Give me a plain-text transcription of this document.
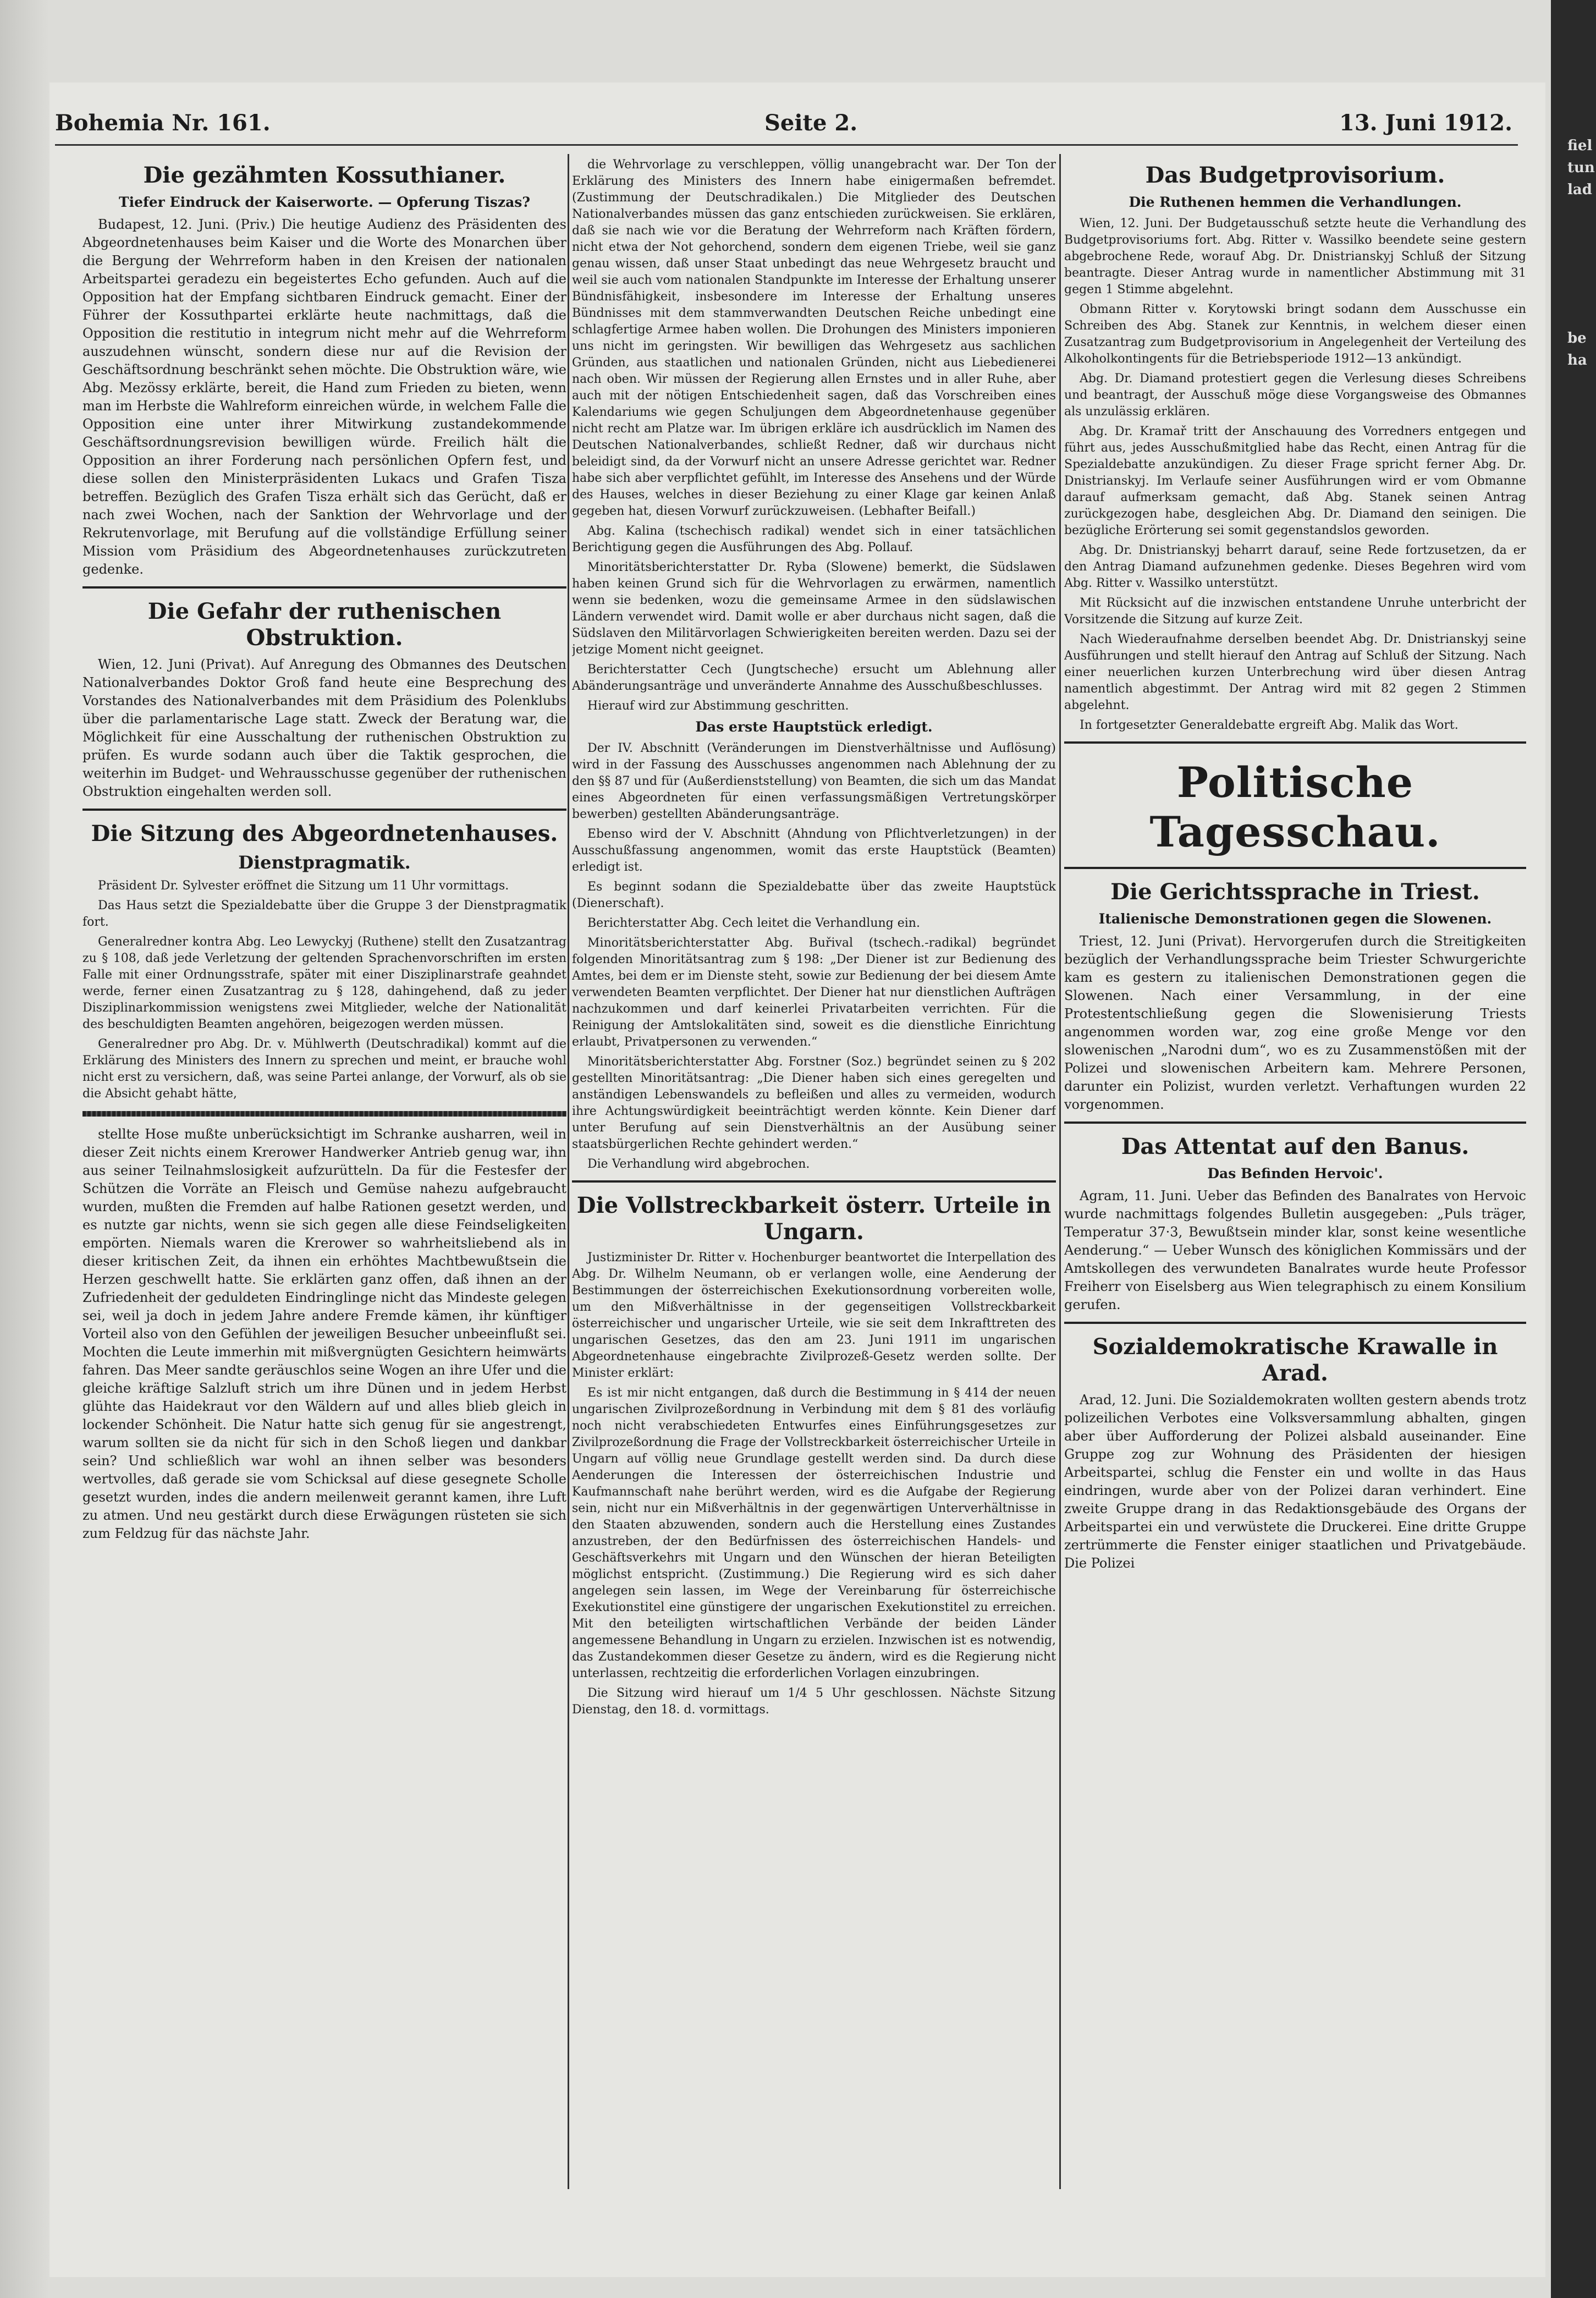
Bohemia Nr. 161.	Seite 2.	13. Juni 1912.
Die gezähmten Kossuthianer.
Tiefer Eindruck der Kaiserworte. — Opferung Tiszas?

Budapest, 12. Juni. (Priv.) Die heutige Audienz des Präsidenten des Abgeordnetenhauses beim Kaiser und die Worte des Monarchen über die Bergung der Wehrreform haben in den Kreisen der nationalen Arbeitspartei geradezu ein begeistertes Echo gefunden. Auch auf die Opposition hat der Empfang sichtbaren Eindruck gemacht. Einer der Führer der Kossuthpartei erklärte heute nachmittags, daß die Opposition die restitutio in integrum nicht mehr auf die Wehrreform auszudehnen wünscht, sondern diese nur auf die Revision der Geschäftsordnung beschränkt sehen möchte. Die Obstruktion wäre, wie Abg. Mezössy erklärte, bereit, die Hand zum Frieden zu bieten, wenn man im Herbste die Wahlreform einreichen würde, in welchem Falle die Opposition eine unter ihrer Mitwirkung zustandekommende Geschäftsordnungsrevision bewilligen würde. Freilich hält die Opposition an ihrer Forderung nach persönlichen Opfern fest, und diese sollen den Ministerpräsidenten Lukacs und Grafen Tisza betreffen. Bezüglich des Grafen Tisza erhält sich das Gerücht, daß er nach zwei Wochen, nach der Sanktion der Wehrvorlage und der Rekrutenvorlage, mit Berufung auf die vollständige Erfüllung seiner Mission vom Präsidium des Abgeordnetenhauses zurückzutreten gedenke.

Die Gefahr der ruthenischen Obstruktion.

Wien, 12. Juni (Privat). Auf Anregung des Obmannes des Deutschen Nationalverbandes Doktor Groß fand heute eine Besprechung des Vorstandes des Nationalverbandes mit dem Präsidium des Polenklubs über die parlamentarische Lage statt. Zweck der Beratung war, die Möglichkeit für eine Ausschaltung der ruthenischen Obstruktion zu prüfen. Es wurde sodann auch über die Taktik gesprochen, die weiterhin im Budget- und Wehrausschusse gegenüber der ruthenischen Obstruktion eingehalten werden soll.

Die Sitzung des Abgeordnetenhauses.
Dienstpragmatik.

Präsident Dr. Sylvester eröffnet die Sitzung um 11 Uhr vormittags.

Das Haus setzt die Spezialdebatte über die Gruppe 3 der Dienstpragmatik fort.

Generalredner kontra Abg. Leo Lewyckyj (Ruthene) stellt den Zusatzantrag zu § 108, daß jede Verletzung der geltenden Sprachenvorschriften im ersten Falle mit einer Ordnungsstrafe, später mit einer Disziplinarstrafe geahndet werde, ferner einen Zusatzantrag zu § 128, dahingehend, daß zu jeder Disziplinarkommission wenigstens zwei Mitglieder, welche der Nationalität des beschuldigten Beamten angehören, beigezogen werden müssen.

Generalredner pro Abg. Dr. v. Mühlwerth (Deutschradikal) kommt auf die Erklärung des Ministers des Innern zu sprechen und meint, er brauche wohl nicht erst zu versichern, daß, was seine Partei anlange, der Vorwurf, als ob sie die Absicht gehabt hätte,

stellte Hose mußte unberücksichtigt im Schranke ausharren, weil in dieser Zeit nichts einem Krerower Handwerker Antrieb genug war, ihn aus seiner Teilnahmslosigkeit aufzurütteln. Da für die Festesfer der Schützen die Vorräte an Fleisch und Gemüse nahezu aufgebraucht wurden, mußten die Fremden auf halbe Rationen gesetzt werden, und es nutzte gar nichts, wenn sie sich gegen alle diese Feindseligkeiten empörten. Niemals waren die Krerower so wahrheitsliebend als in dieser kritischen Zeit, da ihnen ein erhöhtes Machtbewußtsein die Herzen geschwellt hatte. Sie erklärten ganz offen, daß ihnen an der Zufriedenheit der geduldeten Eindringlinge nicht das Mindeste gelegen sei, weil ja doch in jedem Jahre andere Fremde kämen, ihr künftiger Vorteil also von den Gefühlen der jeweiligen Besucher unbeeinflußt sei. Mochten die Leute immerhin mit mißvergnügten Gesichtern heimwärts fahren. Das Meer sandte geräuschlos seine Wogen an ihre Ufer und die gleiche kräftige Salzluft strich um ihre Dünen und in jedem Herbst glühte das Haidekraut vor den Wäldern auf und alles blieb gleich in lockender Schönheit. Die Natur hatte sich genug für sie angestrengt, warum sollten sie da nicht für sich in den Schoß liegen und dankbar sein? Und schließlich war wohl an ihnen selber was besonders wertvolles, daß gerade sie vom Schicksal auf diese gesegnete Scholle gesetzt wurden, indes die andern meilenweit gerannt kamen, ihre Luft zu atmen. Und neu gestärkt durch diese Erwägungen rüsteten sie sich zum Feldzug für das nächste Jahr.

die Wehrvorlage zu verschleppen, völlig unangebracht war. Der Ton der Erklärung des Ministers des Innern habe einigermaßen befremdet. (Zustimmung der Deutschradikalen.) Die Mitglieder des Deutschen Nationalverbandes müssen das ganz entschieden zurückweisen. Sie erklären, daß sie nach wie vor die Beratung der Wehrreform nach Kräften fördern, nicht etwa der Not gehorchend, sondern dem eigenen Triebe, weil sie ganz genau wissen, daß unser Staat unbedingt das neue Wehrgesetz braucht und weil sie auch vom nationalen Standpunkte im Interesse der Erhaltung unserer Bündnisfähigkeit, insbesondere im Interesse der Erhaltung unseres Bündnisses mit dem stammverwandten Deutschen Reiche unbedingt eine schlagfertige Armee haben wollen. Die Drohungen des Ministers imponieren uns nicht im geringsten. Wir bewilligen das Wehrgesetz aus sachlichen Gründen, aus staatlichen und nationalen Gründen, nicht aus Liebedienerei nach oben. Wir müssen der Regierung allen Ernstes und in aller Ruhe, aber auch mit der nötigen Entschiedenheit sagen, daß das Vorschreiben eines Kalendariums wie gegen Schuljungen dem Abgeordnetenhause gegenüber nicht recht am Platze war. Im übrigen erkläre ich ausdrücklich im Namen des Deutschen Nationalverbandes, schließt Redner, daß wir durchaus nicht beleidigt sind, da der Vorwurf nicht an unsere Adresse gerichtet war. Redner habe sich aber verpflichtet gefühlt, im Interesse des Ansehens und der Würde des Hauses, welches in dieser Beziehung zu einer Klage gar keinen Anlaß gegeben hat, diesen Vorwurf zurückzuweisen. (Lebhafter Beifall.)

Abg. Kalina (tschechisch radikal) wendet sich in einer tatsächlichen Berichtigung gegen die Ausführungen des Abg. Pollauf.

Minoritätsberichterstatter Dr. Ryba (Slowene) bemerkt, die Südslawen haben keinen Grund sich für die Wehrvorlagen zu erwärmen, namentlich wenn sie bedenken, wozu die gemeinsame Armee in den südslawischen Ländern verwendet wird. Damit wolle er aber durchaus nicht sagen, daß die Südslaven den Militärvorlagen Schwierigkeiten bereiten werden. Dazu sei der jetzige Moment nicht geeignet.

Berichterstatter Cech (Jungtscheche) ersucht um Ablehnung aller Abänderungsanträge und unveränderte Annahme des Ausschußbeschlusses.

Hierauf wird zur Abstimmung geschritten.

Das erste Hauptstück erledigt.

Der IV. Abschnitt (Veränderungen im Dienstverhältnisse und Auflösung) wird in der Fassung des Ausschusses angenommen nach Ablehnung der zu den §§ 87 und für (Außerdienststellung) von Beamten, die sich um das Mandat eines Abgeordneten für einen verfassungsmäßigen Vertretungskörper bewerben) gestellten Abänderungsanträge.

Ebenso wird der V. Abschnitt (Ahndung von Pflichtverletzungen) in der Ausschußfassung angenommen, womit das erste Hauptstück (Beamten) erledigt ist.

Es beginnt sodann die Spezialdebatte über das zweite Hauptstück (Dienerschaft).

Berichterstatter Abg. Cech leitet die Verhandlung ein.

Minoritätsberichterstatter Abg. Buřival (tschech.-radikal) begründet folgenden Minoritätsantrag zum § 198: „Der Diener ist zur Bedienung des Amtes, bei dem er im Dienste steht, sowie zur Bedienung der bei diesem Amte verwendeten Beamten verpflichtet. Der Diener hat nur dienstlichen Aufträgen nachzukommen und darf keinerlei Privatarbeiten verrichten. Für die Reinigung der Amtslokalitäten sind, soweit es die dienstliche Einrichtung erlaubt, Privatpersonen zu verwenden.“

Minoritätsberichterstatter Abg. Forstner (Soz.) begründet seinen zu § 202 gestellten Minoritätsantrag: „Die Diener haben sich eines geregelten und anständigen Lebenswandels zu befleißen und alles zu vermeiden, wodurch ihre Achtungswürdigkeit beeinträchtigt werden könnte. Kein Diener darf unter Berufung auf sein Dienstverhältnis an der Ausübung seiner staatsbürgerlichen Rechte gehindert werden.“

Die Verhandlung wird abgebrochen.

Die Vollstreckbarkeit österr. Urteile in Ungarn.

Justizminister Dr. Ritter v. Hochenburger beantwortet die Interpellation des Abg. Dr. Wilhelm Neumann, ob er verlangen wolle, eine Aenderung der Bestimmungen der österreichischen Exekutionsordnung vorbereiten wolle, um den Mißverhältnisse in der gegenseitigen Vollstreckbarkeit österreichischer und ungarischer Urteile, wie sie seit dem Inkrafttreten des ungarischen Gesetzes, das den am 23. Juni 1911 im ungarischen Abgeordnetenhause eingebrachte Zivilprozeß-Gesetz werden sollte. Der Minister erklärt:

Es ist mir nicht entgangen, daß durch die Bestimmung in § 414 der neuen ungarischen Zivilprozeßordnung in Verbindung mit dem § 81 des vorläufig noch nicht verabschiedeten Entwurfes eines Einführungsgesetzes zur Zivilprozeßordnung die Frage der Vollstreckbarkeit österreichischer Urteile in Ungarn auf völlig neue Grundlage gestellt werden sind. Da durch diese Aenderungen die Interessen der österreichischen Industrie und Kaufmannschaft nahe berührt werden, wird es die Aufgabe der Regierung sein, nicht nur ein Mißverhältnis in der gegenwärtigen Unterverhältnisse in den Staaten abzuwenden, sondern auch die Herstellung eines Zustandes anzustreben, der den Bedürfnissen des österreichischen Handels- und Geschäftsverkehrs mit Ungarn und den Wünschen der hieran Beteiligten möglichst entspricht. (Zustimmung.) Die Regierung wird es sich daher angelegen sein lassen, im Wege der Vereinbarung für österreichische Exekutionstitel eine günstigere der ungarischen Exekutionstitel zu erreichen. Mit den beteiligten wirtschaftlichen Verbände der beiden Länder angemessene Behandlung in Ungarn zu erzielen. Inzwischen ist es notwendig, das Zustandekommen dieser Gesetze zu ändern, wird es die Regierung nicht unterlassen, rechtzeitig die erforderlichen Vorlagen einzubringen.

Die Sitzung wird hierauf um 1/4 5 Uhr geschlossen. Nächste Sitzung Dienstag, den 18. d. vormittags.

Das Budgetprovisorium.
Die Ruthenen hemmen die Verhandlungen.

Wien, 12. Juni. Der Budgetausschuß setzte heute die Verhandlung des Budgetprovisoriums fort. Abg. Ritter v. Wassilko beendete seine gestern abgebrochene Rede, worauf Abg. Dr. Dnistrianskyj Schluß der Sitzung beantragte. Dieser Antrag wurde in namentlicher Abstimmung mit 31 gegen 1 Stimme abgelehnt.

Obmann Ritter v. Korytowski bringt sodann dem Ausschusse ein Schreiben des Abg. Stanek zur Kenntnis, in welchem dieser einen Zusatzantrag zum Budgetprovisorium in Angelegenheit der Verteilung des Alkoholkontingents für die Betriebsperiode 1912—13 ankündigt.

Abg. Dr. Diamand protestiert gegen die Verlesung dieses Schreibens und beantragt, der Ausschuß möge diese Vorgangsweise des Obmannes als unzulässig erklären.

Abg. Dr. Kramař tritt der Anschauung des Vorredners entgegen und führt aus, jedes Ausschußmitglied habe das Recht, einen Antrag für die Spezialdebatte anzukündigen. Zu dieser Frage spricht ferner Abg. Dr. Dnistrianskyj. Im Verlaufe seiner Ausführungen wird er vom Obmanne darauf aufmerksam gemacht, daß Abg. Stanek seinen Antrag zurückgezogen habe, desgleichen Abg. Dr. Diamand den seinigen. Die bezügliche Erörterung sei somit gegenstandslos geworden.

Abg. Dr. Dnistrianskyj beharrt darauf, seine Rede fortzusetzen, da er den Antrag Diamand aufzunehmen gedenke. Dieses Begehren wird vom Abg. Ritter v. Wassilko unterstützt.

Mit Rücksicht auf die inzwischen entstandene Unruhe unterbricht der Vorsitzende die Sitzung auf kurze Zeit.

Nach Wiederaufnahme derselben beendet Abg. Dr. Dnistrianskyj seine Ausführungen und stellt hierauf den Antrag auf Schluß der Sitzung. Nach einer neuerlichen kurzen Unterbrechung wird über diesen Antrag namentlich abgestimmt. Der Antrag wird mit 82 gegen 2 Stimmen abgelehnt.

In fortgesetzter Generaldebatte ergreift Abg. Malik das Wort.

Politische Tagesschau.
Die Gerichtssprache in Triest.
Italienische Demonstrationen gegen die Slowenen.

Triest, 12. Juni (Privat). Hervorgerufen durch die Streitigkeiten bezüglich der Verhandlungssprache beim Triester Schwurgerichte kam es gestern zu italienischen Demonstrationen gegen die Slowenen. Nach einer Versammlung, in der eine Protestentschließung gegen die Slowenisierung Triests angenommen worden war, zog eine große Menge vor den slowenischen „Narodni dum“, wo es zu Zusammenstößen mit der Polizei und slowenischen Arbeitern kam. Mehrere Personen, darunter ein Polizist, wurden verletzt. Verhaftungen wurden 22 vorgenommen.

Das Attentat auf den Banus.
Das Befinden Hervoic'.

Agram, 11. Juni. Ueber das Befinden des Banalrates von Hervoic wurde nachmittags folgendes Bulletin ausgegeben: „Puls träger, Temperatur 37·3, Bewußtsein minder klar, sonst keine wesentliche Aenderung.“ — Ueber Wunsch des königlichen Kommissärs und der Amtskollegen des verwundeten Banalrates wurde heute Professor Freiherr von Eiselsberg aus Wien telegraphisch zu einem Konsilium gerufen.

Sozialdemokratische Krawalle in Arad.

Arad, 12. Juni. Die Sozialdemokraten wollten gestern abends trotz polizeilichen Verbotes eine Volksversammlung abhalten, gingen aber über Aufforderung der Polizei alsbald auseinander. Eine Gruppe zog zur Wohnung des Präsidenten der hiesigen Arbeitspartei, schlug die Fenster ein und wollte in das Haus eindringen, wurde aber von der Polizei daran verhindert. Eine zweite Gruppe drang in das Redaktionsgebäude des Organs der Arbeitspartei ein und verwüstete die Druckerei. Eine dritte Gruppe zertrümmerte die Fenster einiger staatlichen und Privatgebäude. Die Polizei

fiel
tun
lad
be
ha
